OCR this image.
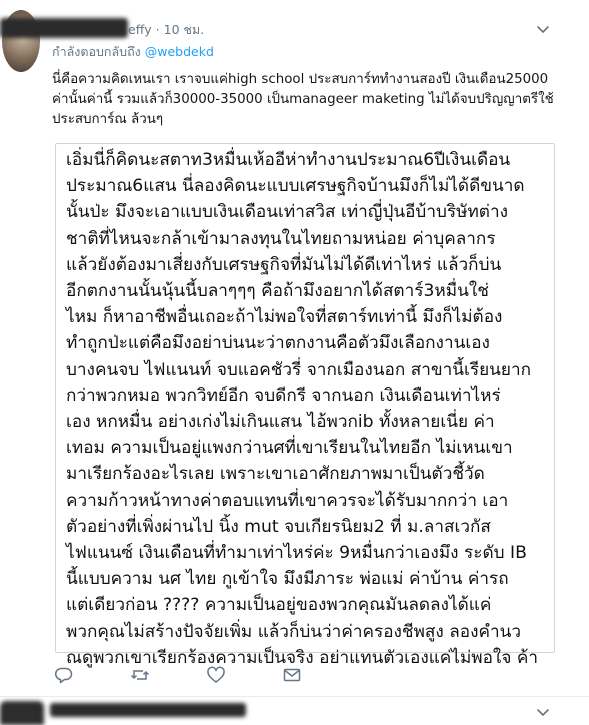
effy · 10 ชม.
กำลังตอบกลับถึง @webdekd
นี่คือความคิดเหนเรา เราจบแค่high school ประสบการ์ททำงานสองปี เงินเดือน25000
ค่านั้นค่านี้ รวมแล้วก็30000-35000 เป็นmanageer maketing ไม่ได้จบปริญญาตรีใช้
ประสบการ์ณ ล้วนๆ
เอิ่มนี่ก็คิดนะสตาท3หมื่นเห้ออีห่าทำงานประมาณ6ปีเงินเดือน
ประมาณ6แสน นี่ลองคิดนะแบบเศรษฐกิจบ้านมึงก็ไม่ได้ดีขนาด
นั้นป่ะ มึงจะเอาแบบเงินเดือนเท่าสวิส เท่าญี่ปุ่นอีบ้าบริษัทต่าง
ชาติที่ไหนจะกล้าเข้ามาลงทุนในไทยถามหน่อย ค่าบุคลากร
แล้วยังต้องมาเสี่ยงกับเศรษฐกิจที่มันไม่ได้ดีเท่าไหร่ แล้วก็บ่น
อีกตกงานนั้นนุ้นนี้บลาๆๆๆ คือถ้ามึงอยากได้สตาร์3หมื่นใช่
ไหม ก็หาอาชีพอื่นเถอะถ้าไม่พอใจที่สตาร์ทเท่านี้ มึงก็ไม่ต้อง
ทำถูกป่ะแต่คือมึงอย่าบ่นนะว่าตกงานคือตัวมึงเลือกงานเอง
บางคนจบ ไฟแนนท์ จบแอคชัวรี่ จากเมืองนอก สาขานี้เรียนยาก
กว่าพวกหมอ พวกวิทย์อีก จบดีกรี จากนอก เงินเดือนเท่าไหร่
เอง หกหมื่น อย่างเก่งไม่เกินแสน ไอ้พวกib ทั้งหลายเนี่ย ค่า
เทอม ความเป็นอยู่แพงกว่านศที่เขาเรียนในไทยอีก ไม่เหนเขา
มาเรียกร้องอะไรเลย เพราะเขาเอาศักยภาพมาเป็นตัวชี้วัด
ความก้าวหน้าทางค่าตอบแทนที่เขาควรจะได้รับมากกว่า เอา
ตัวอย่างที่เพิ่งผ่านไป นิ้ง mut จบเกียรนิยม2 ที่ ม.ลาสเวกัส
ไฟแนนซ์ เงินเดือนที่ทำมาเท่าไหร่ค่ะ 9หมื่นกว่าเองมึง ระดับ IB
นี้แบบความ นศ ไทย กูเข้าใจ มึงมีภาระ พ่อแม่ ค่าบ้าน ค่ารถ
แต่เดียวก่อน ???? ความเป็นอยู่ของพวกคุณมันลดลงได้แค่
พวกคุณไม่สร้างปัจจัยเพิ่ม แล้วก็บ่นว่าค่าครองชีพสูง ลองคำนว
ณดูพวกเขาเรียกร้องความเป็นจริง อย่าแทนตัวเองแค่ไม่พอใจ ค้า
